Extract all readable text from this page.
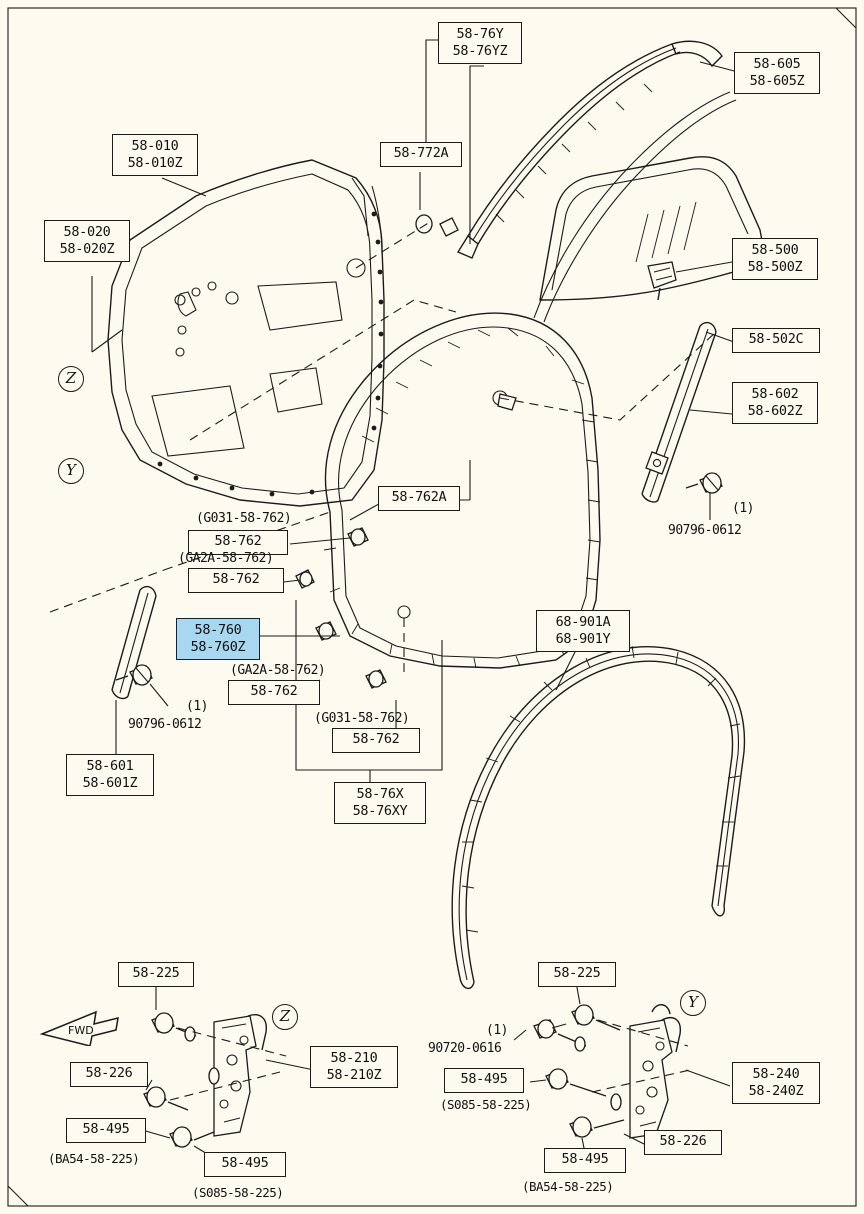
FWD
Z
Y
Z
Y
58-76Y
58-76YZ
58-605
58-605Z
58-010
58-010Z
58-772A
58-020
58-020Z	58-500
58-500Z
58-502C
58-602
58-602Z
58-762A
58-762
58-762
58-760
58-760Z
58-762
58-762
68-901A
68-901Y
58-601
58-601Z
58-76X
58-76XY
58-225	58-225
58-226
58-226
58-210
58-210Z	58-240
58-240Z
58-495
58-495
58-495
58-495
(G031-58-762)
(GA2A-58-762)
(GA2A-58-762)
(G031-58-762)
(1)
90796-0612
(1)
90796-0612
(1)
90720-0616
(S085-58-225)
(S085-58-225)
(BA54-58-225)
(BA54-58-225)
